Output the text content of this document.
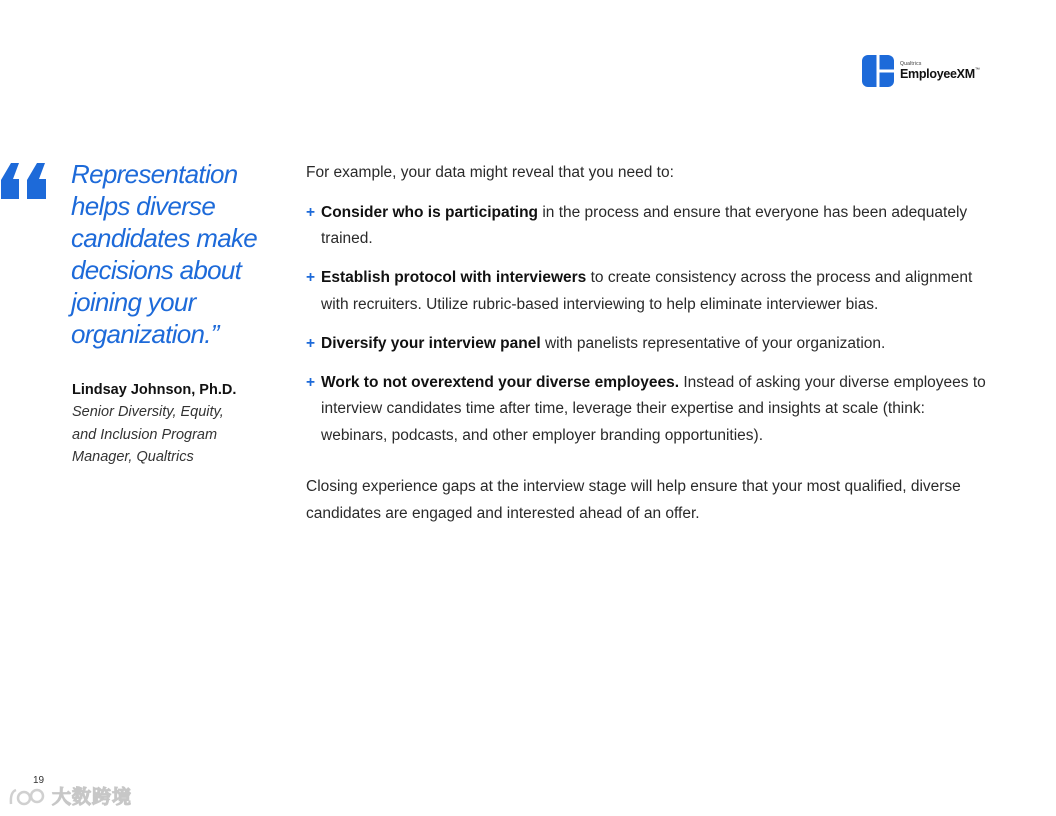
Qualtrics
EmployeeXM™

Representation helps diverse candidates make decisions about joining your organization.”

Lindsay Johnson, Ph.D.
Senior Diversity, Equity, and Inclusion Program Manager, Qualtrics

For example, your data might reveal that you need to:

+ Consider who is participating in the process and ensure that everyone has been adequately trained.
+ Establish protocol with interviewers to create consistency across the process and alignment with recruiters. Utilize rubric-based interviewing to help eliminate interviewer bias.
+ Diversify your interview panel with panelists representative of your organization.
+ Work to not overextend your diverse employees. Instead of asking your diverse employees to interview candidates time after time, leverage their expertise and insights at scale (think: webinars, podcasts, and other employer branding opportunities).

Closing experience gaps at the interview stage will help ensure that your most qualified, diverse candidates are engaged and interested ahead of an offer.

19
大数跨境
